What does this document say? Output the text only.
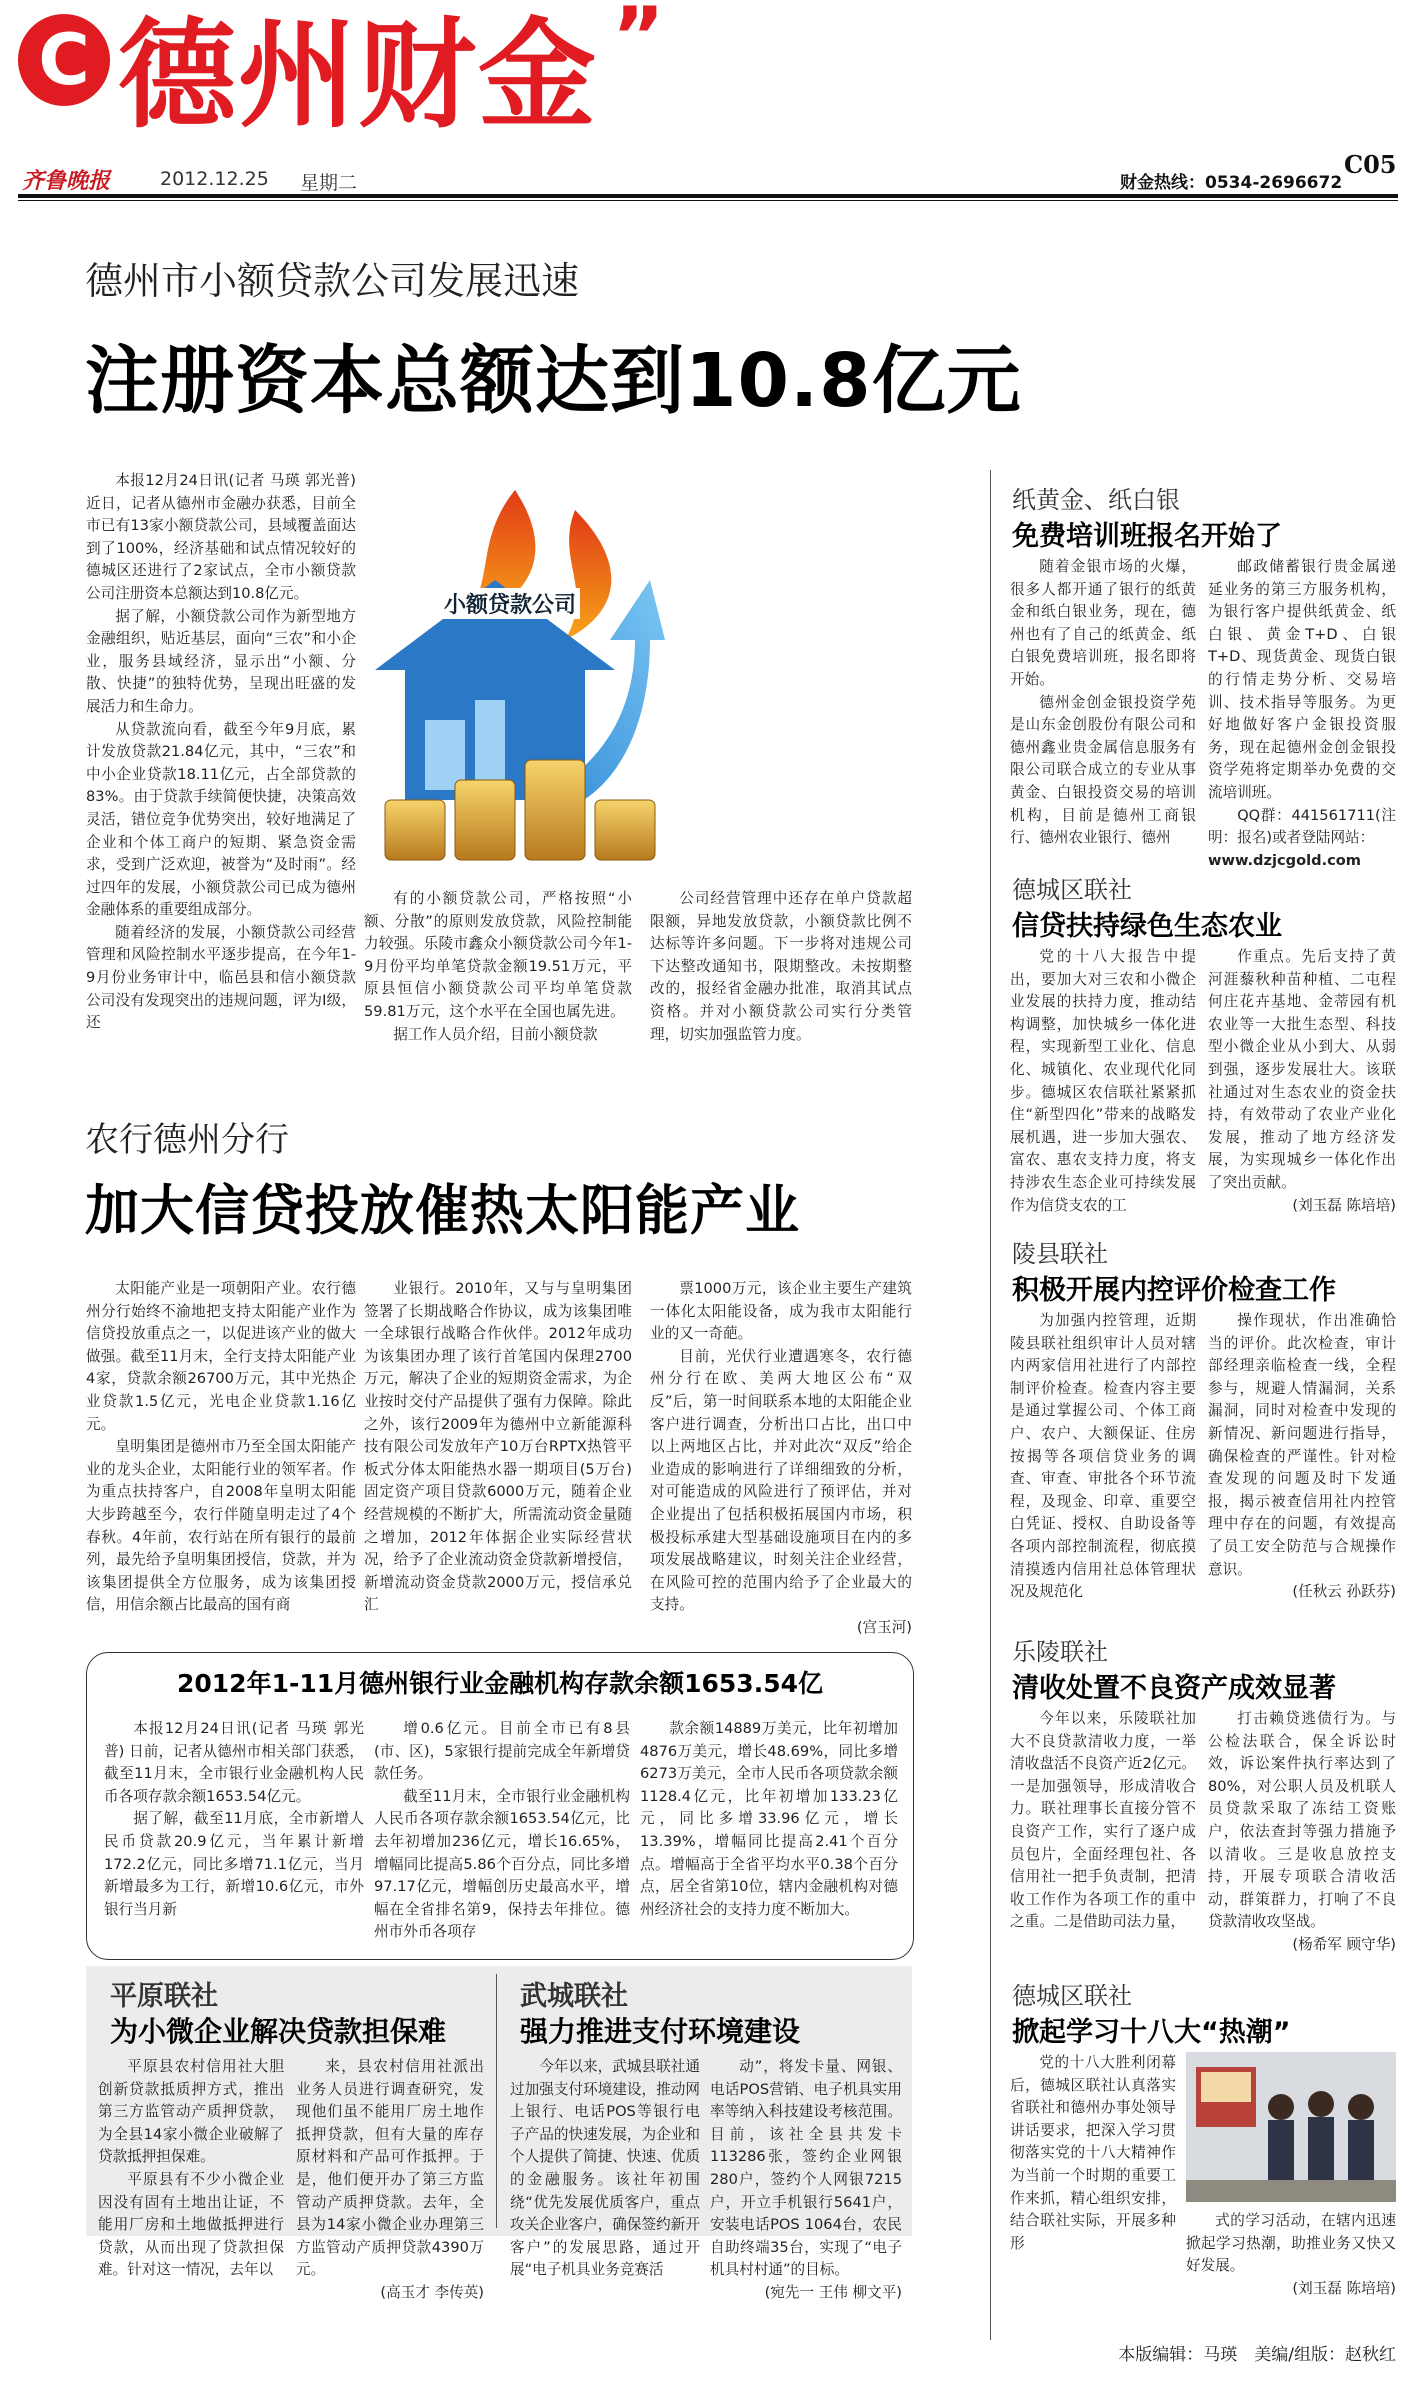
C 德州财金 ”
齐鲁晚报	2012.12.25 星期二	财金热线：0534-2696672
C05
德州市小额贷款公司发展迅速
注册资本总额达到10.8亿元
小额贷款公司

本报12月24日讯(记者 马瑛 郭光普) 近日，记者从德州市金融办获悉，目前全市已有13家小额贷款公司，县域覆盖面达到了100%，经济基础和试点情况较好的德城区还进行了2家试点，全市小额贷款公司注册资本总额达到10.8亿元。

据了解，小额贷款公司作为新型地方金融组织，贴近基层，面向“三农”和小企业，服务县域经济，显示出“小额、分散、快捷”的独特优势，呈现出旺盛的发展活力和生命力。

从贷款流向看，截至今年9月底，累计发放贷款21.84亿元，其中，“三农”和中小企业贷款18.11亿元，占全部贷款的83%。由于贷款手续简便快捷，决策高效灵活，错位竞争优势突出，较好地满足了企业和个体工商户的短期、紧急资金需求，受到广泛欢迎，被誉为“及时雨”。经过四年的发展，小额贷款公司已成为德州金融体系的重要组成部分。

随着经济的发展，小额贷款公司经营管理和风险控制水平逐步提高，在今年1-9月份业务审计中，临邑县和信小额贷款公司没有发现突出的违规问题，评为Ⅰ级，还

有的小额贷款公司，严格按照“小额、分散”的原则发放贷款，风险控制能力较强。乐陵市鑫众小额贷款公司今年1-9月份平均单笔贷款金额19.51万元，平原县恒信小额贷款公司平均单笔贷款59.81万元，这个水平在全国也属先进。

据工作人员介绍，目前小额贷款

公司经营管理中还存在单户贷款超限额，异地发放贷款，小额贷款比例不达标等许多问题。下一步将对违规公司下达整改通知书，限期整改。未按期整改的，报经省金融办批准，取消其试点资格。并对小额贷款公司实行分类管理，切实加强监管力度。

农行德州分行
加大信贷投放催热太阳能产业

太阳能产业是一项朝阳产业。农行德州分行始终不渝地把支持太阳能产业作为信贷投放重点之一，以促进该产业的做大做强。截至11月末，全行支持太阳能产业4家，贷款余额26700万元，其中光热企业贷款1.5亿元，光电企业贷款1.16亿元。

皇明集团是德州市乃至全国太阳能产业的龙头企业，太阳能行业的领军者。作为重点扶持客户，自2008年皇明太阳能大步跨越至今，农行伴随皇明走过了4个春秋。4年前，农行站在所有银行的最前列，最先给予皇明集团授信，贷款，并为该集团提供全方位服务，成为该集团授信，用信余额占比最高的国有商

业银行。2010年，又与与皇明集团签署了长期战略合作协议，成为该集团唯一全球银行战略合作伙伴。2012年成功为该集团办理了该行首笔国内保理2700万元，解决了企业的短期资金需求，为企业按时交付产品提供了强有力保障。除此之外，该行2009年为德州中立新能源科技有限公司发放年产10万台RPTX热管平板式分体太阳能热水器一期项目(5万台)固定资产项目贷款6000万元，随着企业经营规模的不断扩大，所需流动资金量随之增加，2012年体据企业实际经营状况，给予了企业流动资金贷款新增授信，新增流动资金贷款2000万元，授信承兑汇

票1000万元，该企业主要生产建筑一体化太阳能设备，成为我市太阳能行业的又一奇葩。

目前，光伏行业遭遇寒冬，农行德州分行在欧、美两大地区公布“双反”后，第一时间联系本地的太阳能企业客户进行调查，分析出口占比，出口中以上两地区占比，并对此次“双反”给企业造成的影响进行了详细细致的分析，对可能造成的风险进行了预评估，并对企业提出了包括积极拓展国内市场，积极投标承建大型基础设施项目在内的多项发展战略建议，时刻关注企业经营，在风险可控的范围内给予了企业最大的支持。

(宫玉河)

2012年1-11月德州银行业金融机构存款余额1653.54亿

本报12月24日讯(记者 马瑛 郭光普) 日前，记者从德州市相关部门获悉，截至11月末，全市银行业金融机构人民币各项存款余额1653.54亿元。

据了解，截至11月底，全市新增人民币贷款20.9亿元，当年累计新增172.2亿元，同比多增71.1亿元，当月新增最多为工行，新增10.6亿元，市外银行当月新

增0.6亿元。目前全市已有8县(市、区)，5家银行提前完成全年新增贷款任务。

截至11月末，全市银行业金融机构人民币各项存款余额1653.54亿元，比去年初增加236亿元，增长16.65%，增幅同比提高5.86个百分点，同比多增97.17亿元，增幅创历史最高水平，增幅在全省排名第9，保持去年排位。德州市外币各项存

款余额14889万美元，比年初增加4876万美元，增长48.69%，同比多增6273万美元，全市人民币各项贷款余额1128.4亿元，比年初增加133.23亿元，同比多增33.96亿元，增长13.39%，增幅同比提高2.41个百分点。增幅高于全省平均水平0.38个百分点，居全省第10位，辖内金融机构对德州经济社会的支持力度不断加大。

平原联社
为小微企业解决贷款担保难

平原县农村信用社大胆创新贷款抵质押方式，推出第三方监管动产质押贷款，为全县14家小微企业破解了贷款抵押担保难。

平原县有不少小微企业因没有固有土地出让证，不能用厂房和土地做抵押进行贷款，从而出现了贷款担保难。针对这一情况，去年以

来，县农村信用社派出业务人员进行调查研究，发现他们虽不能用厂房土地作抵押贷款，但有大量的库存原材料和产品可作抵押。于是，他们便开办了第三方监管动产质押贷款。去年，全县为14家小微企业办理第三方监管动产质押贷款4390万元。

(高玉才 李传英)

武城联社
强力推进支付环境建设

今年以来，武城县联社通过加强支付环境建设，推动网上银行、电话POS等银行电子产品的快速发展，为企业和个人提供了简捷、快速、优质的金融服务。该社年初围绕“优先发展优质客户，重点攻关企业客户，确保签约新开客户”的发展思路，通过开展“电子机具业务竞赛活

动”，将发卡量、网银、电话POS营销、电子机具实用率等纳入科技建设考核范围。目前，该社全县共发卡113286张，签约企业网银280户，签约个人网银7215户，开立手机银行5641户，安装电话POS 1064台，农民自助终端35台，实现了“电子机具村村通”的目标。

(宛先一 王伟 柳文平)

纸黄金、纸白银
免费培训班报名开始了

随着金银市场的火爆，很多人都开通了银行的纸黄金和纸白银业务，现在，德州也有了自己的纸黄金、纸白银免费培训班，报名即将开始。

德州金创金银投资学苑是山东金创股份有限公司和德州鑫业贵金属信息服务有限公司联合成立的专业从事黄金、白银投资交易的培训机构，目前是德州工商银行、德州农业银行、德州

邮政储蓄银行贵金属递延业务的第三方服务机构，为银行客户提供纸黄金、纸白银、黄金T+D、白银T+D、现货黄金、现货白银的行情走势分析、交易培训、技术指导等服务。为更好地做好客户金银投资服务，现在起德州金创金银投资学苑将定期举办免费的交流培训班。

QQ群：441561711(注明：报名)或者登陆网站：

www.dzjcgold.com

德城区联社
信贷扶持绿色生态农业

党的十八大报告中提出，要加大对三农和小微企业发展的扶持力度，推动结构调整，加快城乡一体化进程，实现新型工业化、信息化、城镇化、农业现代化同步。德城区农信联社紧紧抓住“新型四化”带来的战略发展机遇，进一步加大强农、富农、惠农支持力度，将支持涉农生态企业可持续发展作为信贷支农的工

作重点。先后支持了黄河涯藜秋种苗种植、二屯程何庄花卉基地、金蒂园有机农业等一大批生态型、科技型小微企业从小到大、从弱到强，逐步发展壮大。该联社通过对生态农业的资金扶持，有效带动了农业产业化发展，推动了地方经济发展，为实现城乡一体化作出了突出贡献。

(刘玉磊 陈培培)

陵县联社
积极开展内控评价检查工作

为加强内控管理，近期陵县联社组织审计人员对辖内两家信用社进行了内部控制评价检查。检查内容主要是通过掌握公司、个体工商户、农户、大额保证、住房按揭等各项信贷业务的调查、审查、审批各个环节流程，及现金、印章、重要空白凭证、授权、自助设备等各项内部控制流程，彻底摸清摸透内信用社总体管理状况及规范化

操作现状，作出准确恰当的评价。此次检查，审计部经理亲临检查一线，全程参与，规避人情漏洞，关系漏洞，同时对检查中发现的新情况、新问题进行指导，确保检查的严谨性。针对检查发现的问题及时下发通报，揭示被查信用社内控管理中存在的问题，有效提高了员工安全防范与合规操作意识。

(任秋云 孙跃芬)

乐陵联社
清收处置不良资产成效显著

今年以来，乐陵联社加大不良贷款清收力度，一举清收盘活不良资产近2亿元。一是加强领导，形成清收合力。联社理事长直接分管不良资产工作，实行了逐户成员包片，全面经理包社、各信用社一把手负责制，把清收工作作为各项工作的重中之重。二是借助司法力量，

打击赖贷逃债行为。与公检法联合，保全诉讼时效，诉讼案件执行率达到了80%，对公职人员及机联人员贷款采取了冻结工资账户，依法查封等强力措施予以清收。三是收息放控支持，开展专项联合清收活动，群策群力，打响了不良贷款清收攻坚战。

(杨希军 顾守华)

德城区联社
掀起学习十八大“热潮”

党的十八大胜利闭幕后，德城区联社认真落实省联社和德州办事处领导讲话要求，把深入学习贯彻落实党的十八大精神作为当前一个时期的重要工作来抓，精心组织安排，结合联社实际，开展多种形

式的学习活动，在辖内迅速掀起学习热潮，助推业务又快又好发展。

(刘玉磊 陈培培)

本版编辑：马瑛　美编/组版：赵秋红
